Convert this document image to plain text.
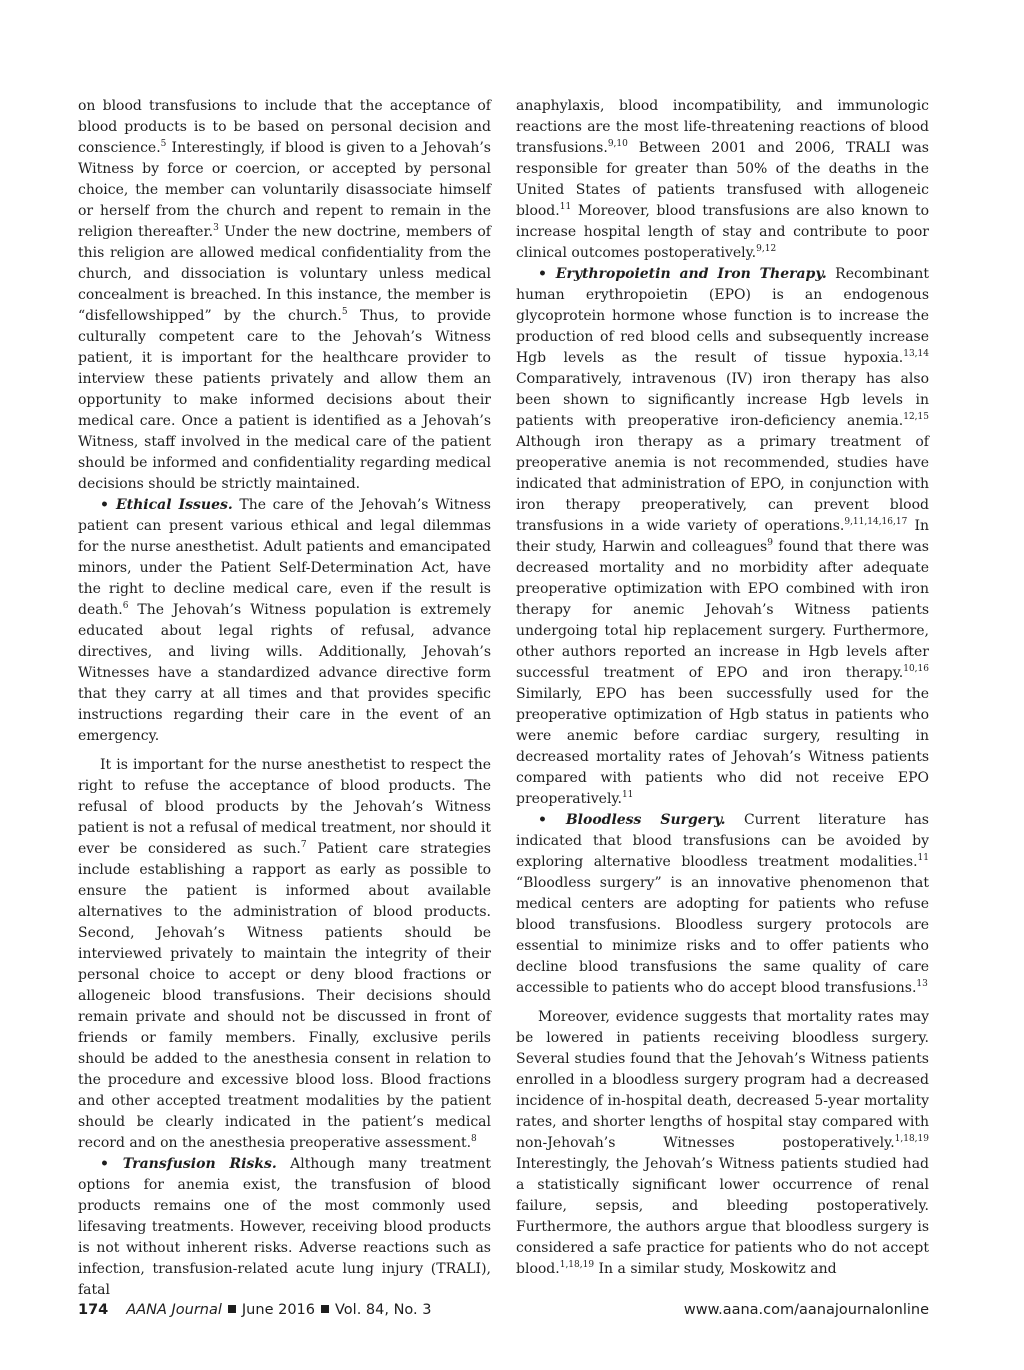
on blood transfusions to include that the acceptance of blood products is to be based on personal decision and conscience.$^5$ Interestingly, if blood is given to a Jehovah’s Witness by force or coercion, or accepted by personal choice, the member can voluntarily disassociate himself or herself from the church and repent to remain in the religion thereafter.$^3$ Under the new doctrine, members of this religion are allowed medical confidentiality from the church, and dissociation is voluntary unless medical concealment is breached. In this instance, the member is “disfellowshipped” by the church.$^5$ Thus, to provide culturally competent care to the Jehovah’s Witness patient, it is important for the healthcare provider to interview these patients privately and allow them an opportunity to make informed decisions about their medical care. Once a patient is identified as a Jehovah’s Witness, staff involved in the medical care of the patient should be informed and confidentiality regarding medical decisions should be strictly maintained.

• Ethical Issues. The care of the Jehovah’s Witness patient can present various ethical and legal dilemmas for the nurse anesthetist. Adult patients and emancipated minors, under the Patient Self-Determination Act, have the right to decline medical care, even if the result is death.$^6$ The Jehovah’s Witness population is extremely educated about legal rights of refusal, advance directives, and living wills. Additionally, Jehovah’s Witnesses have a standardized advance directive form that they carry at all times and that provides specific instructions regarding their care in the event of an emergency.

It is important for the nurse anesthetist to respect the right to refuse the acceptance of blood products. The refusal of blood products by the Jehovah’s Witness patient is not a refusal of medical treatment, nor should it ever be considered as such.$^7$ Patient care strategies include establishing a rapport as early as possible to ensure the patient is informed about available alternatives to the administration of blood products. Second, Jehovah’s Witness patients should be interviewed privately to maintain the integrity of their personal choice to accept or deny blood fractions or allogeneic blood transfusions. Their decisions should remain private and should not be discussed in front of friends or family members. Finally, exclusive perils should be added to the anesthesia consent in relation to the procedure and excessive blood loss. Blood fractions and other accepted treatment modalities by the patient should be clearly indicated in the patient’s medical record and on the anesthesia preoperative assessment.$^8$

• Transfusion Risks. Although many treatment options for anemia exist, the transfusion of blood products remains one of the most commonly used lifesaving treatments. However, receiving blood products is not without inherent risks. Adverse reactions such as infection, transfusion-related acute lung injury (TRALI), fatal

anaphylaxis, blood incompatibility, and immunologic reactions are the most life-threatening reactions of blood transfusions.$^{9,10}$ Between 2001 and 2006, TRALI was responsible for greater than 50% of the deaths in the United States of patients transfused with allogeneic blood.$^{11}$ Moreover, blood transfusions are also known to increase hospital length of stay and contribute to poor clinical outcomes postoperatively.$^{9,12}$

• Erythropoietin and Iron Therapy. Recombinant human erythropoietin (EPO) is an endogenous glycoprotein hormone whose function is to increase the production of red blood cells and subsequently increase Hgb levels as the result of tissue hypoxia.$^{13,14}$ Comparatively, intravenous (IV) iron therapy has also been shown to significantly increase Hgb levels in patients with preoperative iron-deficiency anemia.$^{12,15}$ Although iron therapy as a primary treatment of preoperative anemia is not recommended, studies have indicated that administration of EPO, in conjunction with iron therapy preoperatively, can prevent blood transfusions in a wide variety of operations.$^{9,11,14,16,17}$ In their study, Harwin and colleagues$^9$ found that there was decreased mortality and no morbidity after adequate preoperative optimization with EPO combined with iron therapy for anemic Jehovah’s Witness patients undergoing total hip replacement surgery. Furthermore, other authors reported an increase in Hgb levels after successful treatment of EPO and iron therapy.$^{10,16}$ Similarly, EPO has been successfully used for the preoperative optimization of Hgb status in patients who were anemic before cardiac surgery, resulting in decreased mortality rates of Jehovah’s Witness patients compared with patients who did not receive EPO preoperatively.$^{11}$

• Bloodless Surgery. Current literature has indicated that blood transfusions can be avoided by exploring alternative bloodless treatment modalities.$^{11}$ “Bloodless surgery” is an innovative phenomenon that medical centers are adopting for patients who refuse blood transfusions. Bloodless surgery protocols are essential to minimize risks and to offer patients who decline blood transfusions the same quality of care accessible to patients who do accept blood transfusions.$^{13}$

Moreover, evidence suggests that mortality rates may be lowered in patients receiving bloodless surgery. Several studies found that the Jehovah’s Witness patients enrolled in a bloodless surgery program had a decreased incidence of in-hospital death, decreased 5-year mortality rates, and shorter lengths of hospital stay compared with non-Jehovah’s Witnesses postoperatively.$^{1,18,19}$ Interestingly, the Jehovah’s Witness patients studied had a statistically significant lower occurrence of renal failure, sepsis, and bleeding postoperatively. Furthermore, the authors argue that bloodless surgery is considered a safe practice for patients who do not accept blood.$^{1,18,19}$ In a similar study, Moskowitz and

174 AANA Journal June 2016 Vol. 84, No. 3	www.aana.com/aanajournalonline
